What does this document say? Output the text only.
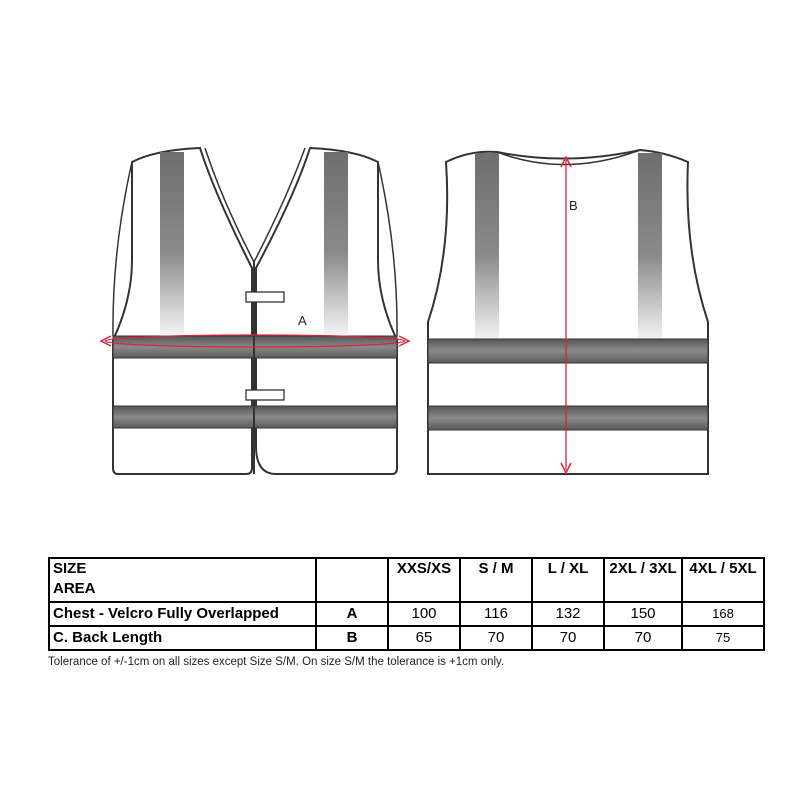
A
B
SIZE
AREA		XXS/XS	S / M	L / XL	2XL / 3XL	4XL / 5XL
Chest - Velcro Fully Overlapped	A	100	116	132	150	168
C. Back Length	B	65	70	70	70	75
Tolerance of +/-1cm on all sizes except Size S/M. On size S/M the tolerance is +1cm only.
